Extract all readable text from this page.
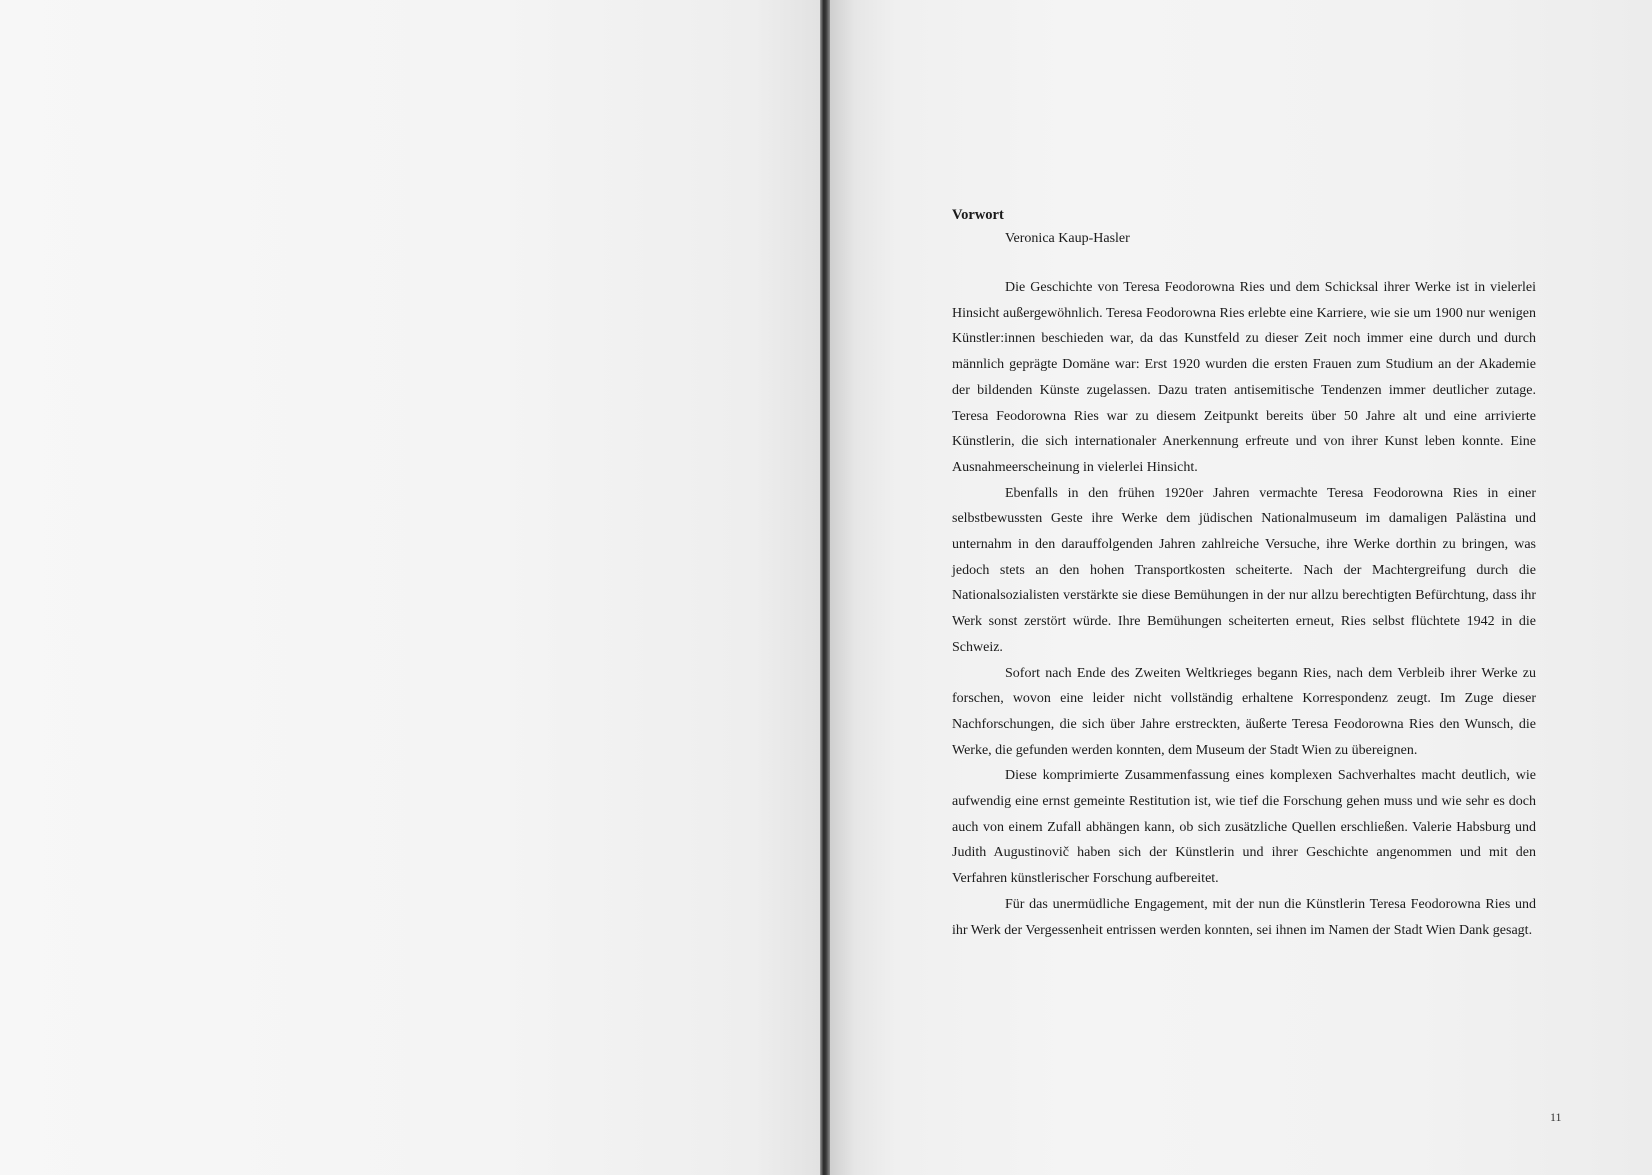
Vorwort

Veronica Kaup-Hasler

Die Geschichte von Teresa Feodorowna Ries und dem Schicksal ihrer Werke ist in vielerlei Hinsicht außergewöhnlich. Teresa Feodorowna Ries erlebte eine Karriere, wie sie um 1900 nur wenigen Künstler:innen beschieden war, da das Kunstfeld zu dieser Zeit noch immer eine durch und durch männlich geprägte Domäne war: Erst 1920 wurden die ersten Frauen zum Studium an der Akademie der bildenden Künste zugelassen. Dazu traten antisemitische Tendenzen immer deutlicher zutage. Teresa Feodorowna Ries war zu diesem Zeitpunkt bereits über 50 Jahre alt und eine arrivierte Künstlerin, die sich internationaler Anerkennung erfreute und von ihrer Kunst leben konnte. Eine Ausnahmeerscheinung in vielerlei Hinsicht.

Ebenfalls in den frühen 1920er Jahren vermachte Teresa Feodorowna Ries in einer selbstbewussten Geste ihre Werke dem jüdischen Nationalmuseum im damaligen Palästina und unternahm in den darauffolgenden Jahren zahlreiche Versuche, ihre Werke dorthin zu bringen, was jedoch stets an den hohen Transportkosten scheiterte. Nach der Machtergreifung durch die Nationalsozialisten verstärkte sie diese Bemühungen in der nur allzu berechtigten Befürchtung, dass ihr Werk sonst zerstört würde. Ihre Bemühungen scheiterten erneut, Ries selbst flüchtete 1942 in die Schweiz.

Sofort nach Ende des Zweiten Weltkrieges begann Ries, nach dem Verbleib ihrer Werke zu forschen, wovon eine leider nicht vollständig erhaltene Korrespondenz zeugt. Im Zuge dieser Nachforschungen, die sich über Jahre erstreckten, äußerte Teresa Feodorowna Ries den Wunsch, die Werke, die gefunden werden konnten, dem Museum der Stadt Wien zu übereignen.

Diese komprimierte Zusammenfassung eines komplexen Sachverhaltes macht deutlich, wie aufwendig eine ernst gemeinte Restitution ist, wie tief die Forschung gehen muss und wie sehr es doch auch von einem Zufall abhängen kann, ob sich zusätzliche Quellen erschließen. Valerie Habsburg und Judith Augustinovič haben sich der Künstlerin und ihrer Geschichte angenommen und mit den Verfahren künstlerischer Forschung aufbereitet.

Für das unermüdliche Engagement, mit der nun die Künstlerin Teresa Feodorowna Ries und ihr Werk der Vergessenheit entrissen werden konnten, sei ihnen im Namen der Stadt Wien Dank gesagt.

11
